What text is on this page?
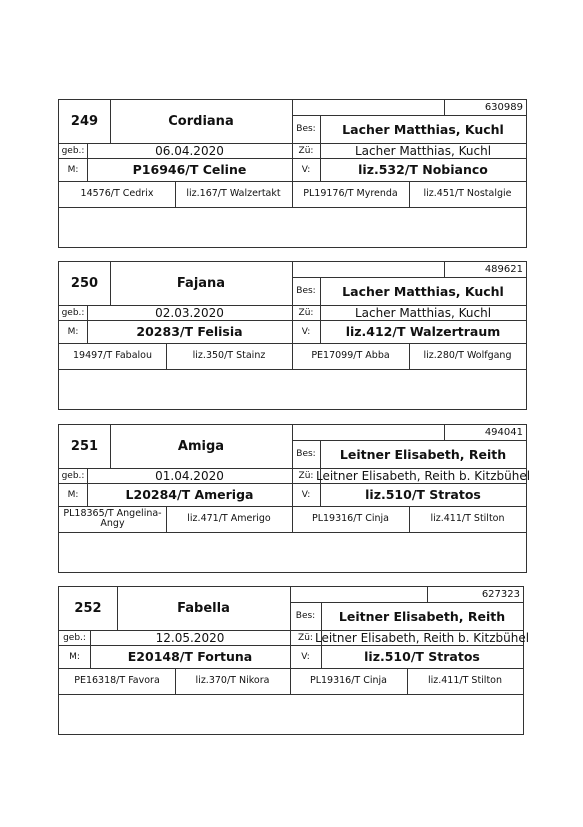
249	Cordiana
630989
Bes:	Lacher Matthias, Kuchl
geb.:	06.04.2020	Zü:	Lacher Matthias, Kuchl
M:	P16946/T Celine	V:	liz.532/T Nobianco
14576/T Cedrix	liz.167/T Walzertakt	PL19176/T Myrenda	liz.451/T Nostalgie
250	Fajana
489621
Bes:	Lacher Matthias, Kuchl
geb.:	02.03.2020	Zü:	Lacher Matthias, Kuchl
M:	20283/T Felisia	V:	liz.412/T Walzertraum
19497/T Fabalou	liz.350/T Stainz	PE17099/T Abba	liz.280/T Wolfgang
251	Amiga
494041
Bes:	Leitner Elisabeth, Reith
geb.:	01.04.2020	Zü: Leitner Elisabeth, Reith b. Kitzbühel
M:	L20284/T Ameriga	V:	liz.510/T Stratos
PL18365/T Angelina-Angy	liz.471/T Amerigo	PL19316/T Cinja	liz.411/T Stilton
252	Fabella
627323
Bes:	Leitner Elisabeth, Reith
geb.:	12.05.2020	Zü: Leitner Elisabeth, Reith b. Kitzbühel
M:	E20148/T Fortuna	V:	liz.510/T Stratos
PE16318/T Favora	liz.370/T Nikora	PL19316/T Cinja	liz.411/T Stilton
